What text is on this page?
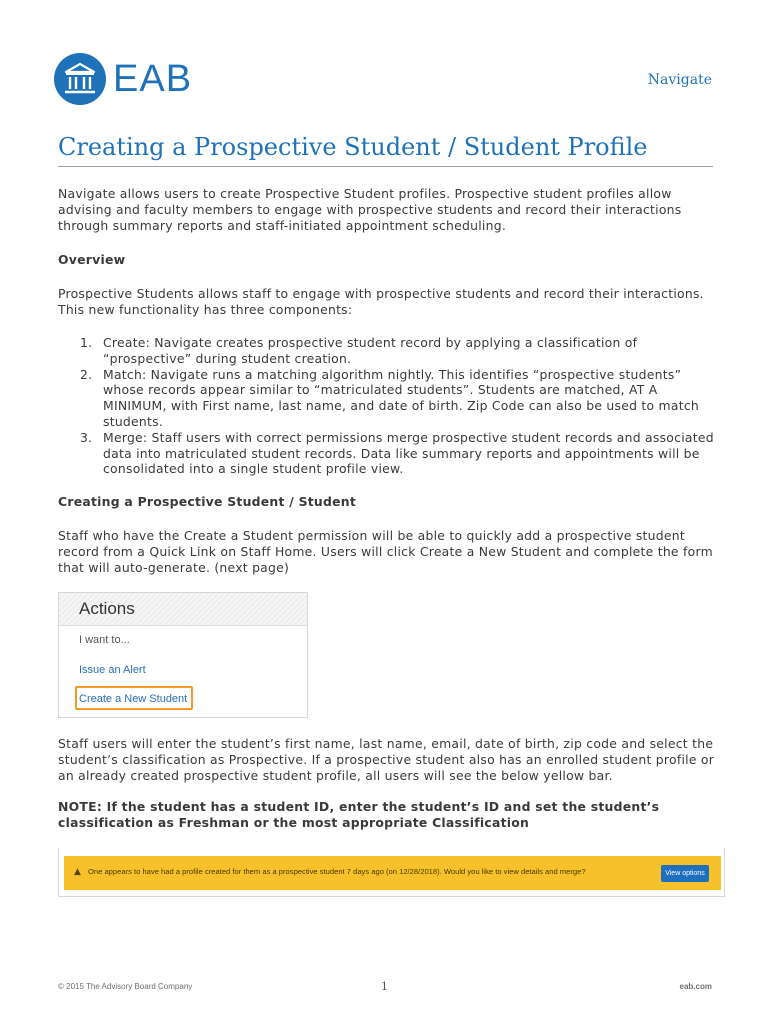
EAB	Navigate
Creating a Prospective Student / Student Profile

Navigate allows users to create Prospective Student profiles. Prospective student profiles allow

advising and faculty members to engage with prospective students and record their interactions

through summary reports and staff-initiated appointment scheduling.

Overview

Prospective Students allows staff to engage with prospective students and record their interactions.

This new functionality has three components:

1. Create: Navigate creates prospective student record by applying a classification of
“prospective” during student creation.
2. Match: Navigate runs a matching algorithm nightly. This identifies “prospective students”
whose records appear similar to “matriculated students”. Students are matched, AT A
MINIMUM, with First name, last name, and date of birth. Zip Code can also be used to match
students.
3. Merge: Staff users with correct permissions merge prospective student records and associated
data into matriculated student records. Data like summary reports and appointments will be
consolidated into a single student profile view.
Creating a Prospective Student / Student

Staff who have the Create a Student permission will be able to quickly add a prospective student

record from a Quick Link on Staff Home. Users will click Create a New Student and complete the form

that will auto-generate. (next page)

Actions
I want to...
Issue an Alert
Create a New Student

Staff users will enter the student’s first name, last name, email, date of birth, zip code and select the

student’s classification as Prospective. If a prospective student also has an enrolled student profile or

an already created prospective student profile, all users will see the below yellow bar.

NOTE: If the student has a student ID, enter the student’s ID and set the student’s

classification as Freshman or the most appropriate Classification

▲ One appears to have had a profile created for them as a prospective student 7 days ago (on 12/28/2018). Would you like to view details and merge?	View options
© 2015 The Advisory Board Company	1	eab.com
